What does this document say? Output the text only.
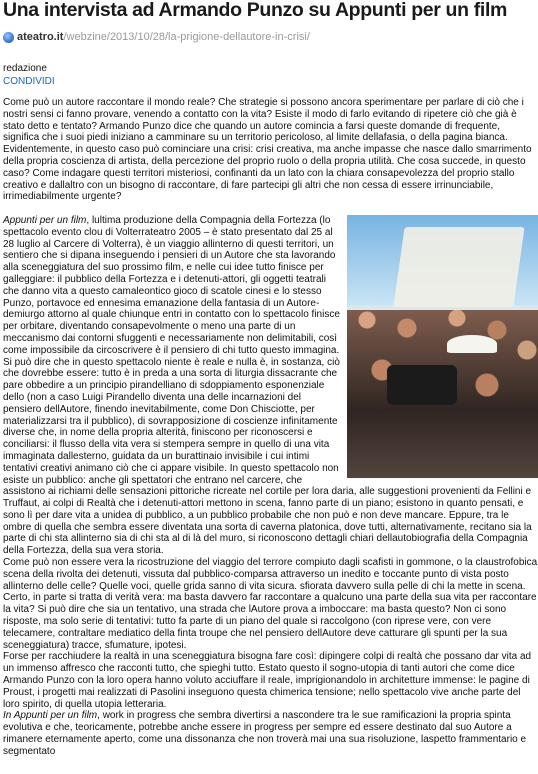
Una intervista ad Armando Punzo su Appunti per un film
ateatro.it /webzine/2013/10/28/la-prigione-dellautore-in-crisi/
redazione
CONDIVIDI

Come può un autore raccontare il mondo reale? Che strategie si possono ancora sperimentare per parlare di ciò che i nostri sensi ci fanno provare, venendo a contatto con la vita? Esiste il modo di farlo evitando di ripetere ciò che già è stato detto e tentato? Armando Punzo dice che quando un autore comincia a farsi queste domande di frequente, significa che i suoi piedi iniziano a camminare su un territorio pericoloso, al limite dellafasia, o della pagina bianca.

Evidentemente, in questo caso può cominciare una crisi: crisi creativa, ma anche impasse che nasce dallo smarrimento della propria coscienza di artista, della percezione del proprio ruolo o della propria utilità. Che cosa succede, in questo caso? Come indagare questi territori misteriosi, confinanti da un lato con la chiara consapevolezza del proprio stallo creativo e dallaltro con un bisogno di raccontare, di fare partecipi gli altri che non cessa di essere irrinunciabile, irrimediabilmente urgente?

Appunti per un film, lultima produzione della Compagnia della Fortezza (lo spettacolo evento clou di Volterrateatro 2005 – è stato presentato dal 25 al 28 luglio al Carcere di Volterra), è un viaggio allinterno di questi territori, un sentiero che si dipana inseguendo i pensieri di un Autore che sta lavorando alla sceneggiatura del suo prossimo film, e nelle cui idee tutto finisce per galleggiare: il pubblico della Fortezza e i detenuti-attori, gli oggetti teatrali che danno vita a questo camaleontico gioco di scatole cinesi e lo stesso Punzo, portavoce ed ennesima emanazione della fantasia di un Autore-demiurgo attorno al quale chiunque entri in contatto con lo spettacolo finisce per orbitare, diventando consapevolmente o meno una parte di un meccanismo dai contorni sfuggenti e necessariamente non delimitabili, così come impossibile da circoscrivere è il pensiero di chi tutto questo immagina.

Si può dire che in questo spettacolo niente è reale e nulla è, in sostanza, ciò che dovrebbe essere: tutto è in preda a una sorta di liturgia dissacrante che pare obbedire a un principio pirandelliano di sdoppiamento esponenziale dello (non a caso Luigi Pirandello diventa una delle incarnazioni del pensiero dellAutore, finendo inevitabilmente, come Don Chisciotte, per materializzarsi tra il pubblico), di sovrapposizione di coscienze infinitamente diverse che, in nome della propria alterità, finiscono per riconoscersi e conciliarsi: il flusso della vita vera si stempera sempre in quello di una vita immaginata dallesterno, guidata da un burattinaio invisibile i cui intimi tentativi creativi animano ciò che ci appare visibile. In questo spettacolo non esiste un pubblico: anche gli spettatori che entrano nel carcere, che assistono ai richiami delle sensazioni pittoriche ricreate nel cortile per lora daria, alle suggestioni provenienti da Fellini e Truffaut, ai colpi di Realtà che i detenuti-attori mettono in scena, fanno parte di un piano; esistono in quanto pensati, e sono lì per dare vita a unidea di pubblico, a un pubblico probabile che non può e non deve mancare. Eppure, tra le ombre di quella che sembra essere diventata una sorta di caverna platonica, dove tutti, alternativamente, recitano sia la parte di chi sta allinterno sia di chi sta al di là del muro, si riconoscono dettagli chiari dellautobiografia della Compagnia della Fortezza, della sua vera storia.

Come può non essere vera la ricostruzione del viaggio del terrore compiuto dagli scafisti in gommone, o la claustrofobica scena della rivolta dei detenuti, vissuta dal pubblico-comparsa attraverso un inedito e toccante punto di vista posto allinterno delle celle? Quelle voci, quelle grida sanno di vita sicura. sfiorata davvero sulla pelle di chi la mette in scena. Certo, in parte si tratta di verità vera: ma basta davvero far raccontare a qualcuno una parte della sua vita per raccontare la vita? Si può dire che sia un tentativo, una strada che lAutore prova a imboccare: ma basta questo? Non ci sono risposte, ma solo serie di tentativi: tutto fa parte di un piano del quale si raccolgono (con riprese vere, con vere telecamere, contraltare mediatico della finta troupe che nel pensiero dellAutore deve catturare gli spunti per la sua sceneggiatura) tracce, sfumature, ipotesi.

Forse per racchiudere la realtà in una sceneggiatura bisogna fare così: dipingere colpi di realtà che possano dar vita ad un immenso affresco che racconti tutto, che spieghi tutto. Estato questo il sogno-utopia di tanti autori che come dice Armando Punzo con la loro opera hanno voluto acciuffare il reale, imprigionandolo in architetture immense: le pagine di Proust, i progetti mai realizzati di Pasolini inseguono questa chimerica tensione; nello spettacolo vive anche parte del loro spirito, di quella utopia letteraria.

In Appunti per un film, work in progress che sembra divertirsi a nascondere tra le sue ramificazioni la propria spinta evolutiva e che, teoricamente, potrebbe anche essere in progress per sempre ed essere destinato dal suo Autore a rimanere eternamente aperto, come una dissonanza che non troverà mai una sua risoluzione, laspetto frammentario e segmentato
